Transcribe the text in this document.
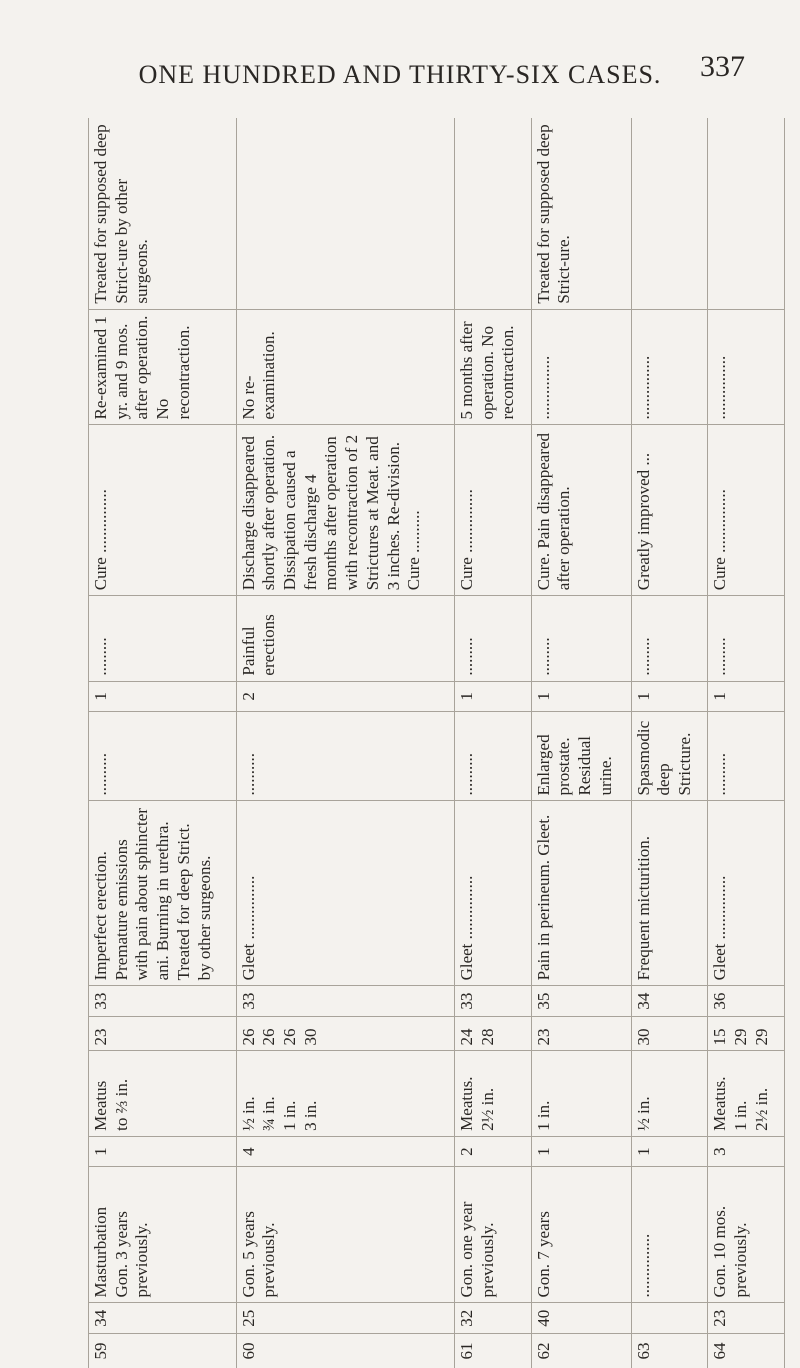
ONE HUNDRED AND THIRTY-SIX CASES.	337
59	34	Masturbation Gon. 3 years previously.	1	Meatus to ⅔ in.	23	33	Imperfect erection. Premature emissions with pain about sphincter ani. Burning in urethra. Treated for deep Strict. by other surgeons.	..........	1	.........	Cure ...............	Re-examined 1 yr. and 9 mos. after operation. No recontraction.	Treated for supposed deep Strict-ure by other surgeons.
60	25	Gon. 5 years previously.	4	½ in. ¾ in. 1 in. 3 in.	26 26 26 30	33	Gleet ...............	..........	2	Painful erections	Discharge disappeared shortly after operation. Dissipation caused a fresh discharge 4 months after operation with recontraction of 2 Strictures at Meat. and 3 inches. Re-division. Cure ..........	No re-examination.	
61	32	Gon. one year previously.	2	Meatus. 2½ in.	24 28	33	Gleet ...............	..........	1	.........	Cure ...............	5 months after operation. No recontraction.	
62	40	Gon. 7 years	1	1 in.	23	35	Pain in perineum. Gleet.	Enlarged prostate. Residual urine.	1	.........	Cure. Pain disappeared after operation.	...............	Treated for supposed deep Strict-ure.
63		...............	1	½ in.	30	34	Frequent micturition.	Spasmodic deep Stricture.	1	.........	Greatly improved ...	...............	
64	23	Gon. 10 mos. previously.	3	Meatus. 1 in. 2½ in.	15 29 29	36	Gleet ...............	..........	1	.........	Cure ...............	...............	
